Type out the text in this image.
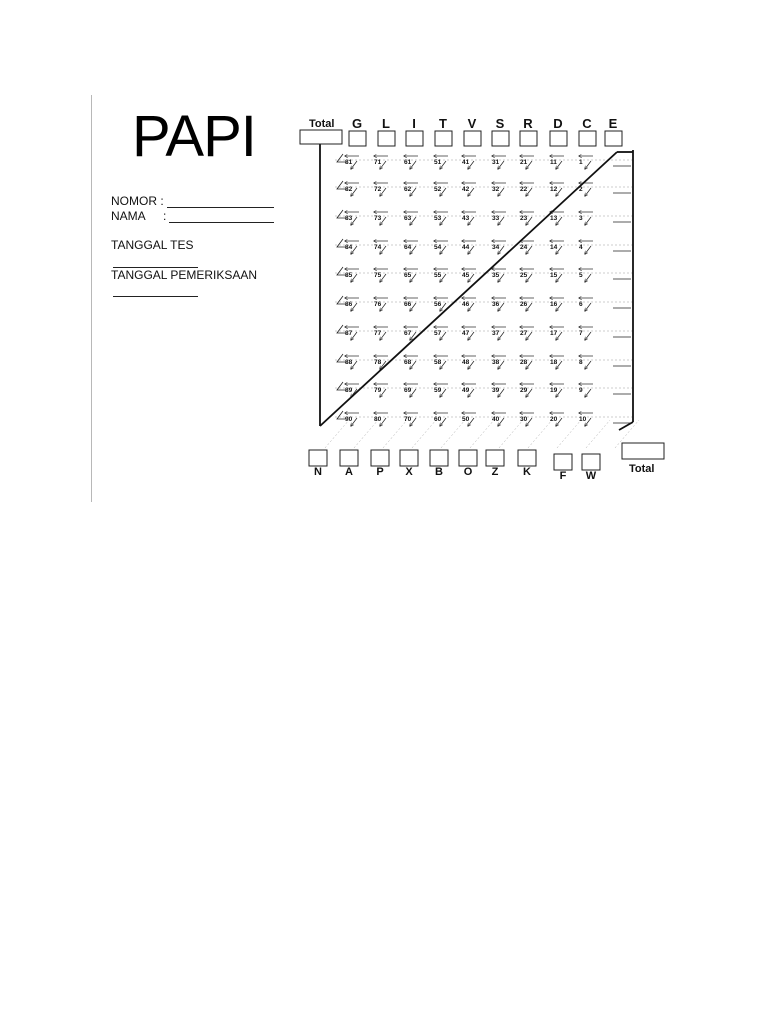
PAPI
NOMOR :
NAMA :
TANGGAL TES
TANGGAL PEMERIKSAAN
81	71	61	51	41	31	21	11	1
82	72	62	52	42	32	22	12	2
83	73	63	53	43	33	23	13	3
84	74	64	54	44	34	24	14	4
85	75	65	55	45	35	25	15	5
86	76	66	56	46	36	26	16	6
87	77	67	57	47	37	27	17	7
88	78	68	58	48	38	28	18	8
89	79	69	59	49	39	29	19	9
90	80	70	60	50	40	30	20	10
Total G L I T V S R D C E
N A P X B O Z K	F W
Total
